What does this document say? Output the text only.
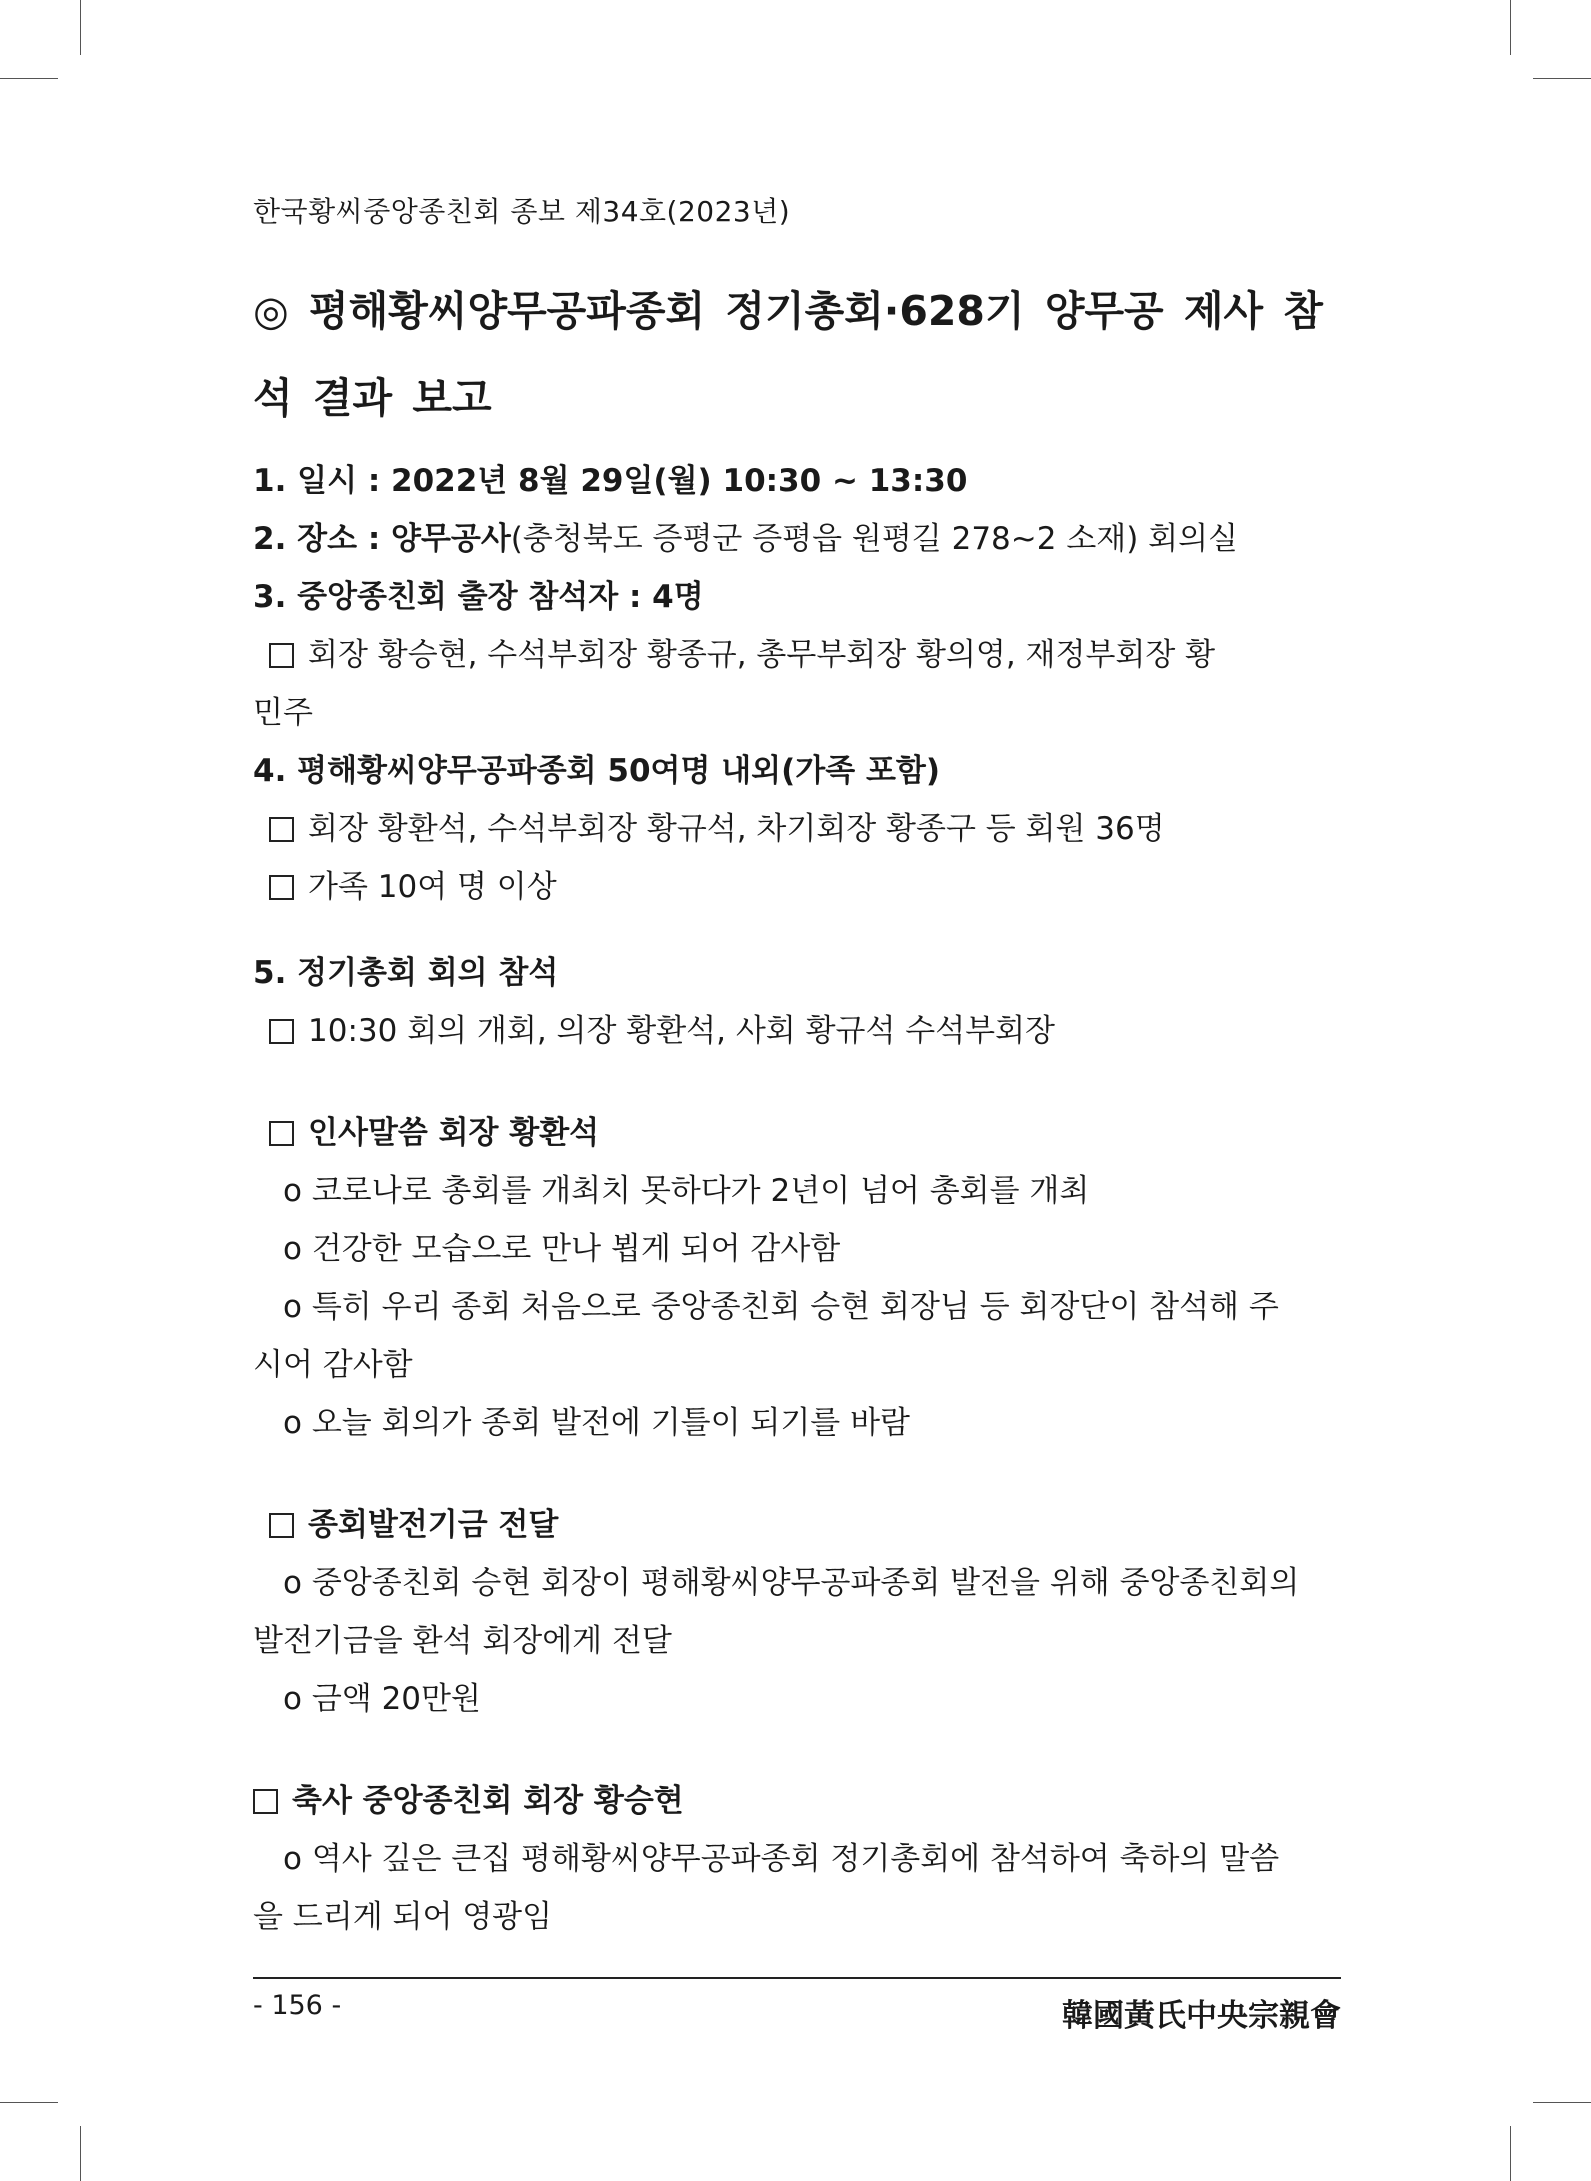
한국황씨중앙종친회 종보 제34호(2023년)
◎ 평해황씨양무공파종회 정기총회·628기 양무공 제사 참석 결과 보고
1. 일시 : 2022년 8월 29일(월) 10:30 ~ 13:30
2. 장소 : 양무공사(충청북도 증평군 증평읍 원평길 278~2 소재) 회의실
3. 중앙종친회 출장 참석자 : 4명
회장 황승현, 수석부회장 황종규, 총무부회장 황의영, 재정부회장 황
민주
4. 평해황씨양무공파종회 50여명 내외(가족 포함)
회장 황환석, 수석부회장 황규석, 차기회장 황종구 등 회원 36명
가족 10여 명 이상
5. 정기총회 회의 참석
10:30 회의 개회, 의장 황환석, 사회 황규석 수석부회장
인사말씀 회장 황환석
o 코로나로 총회를 개최치 못하다가 2년이 넘어 총회를 개최
o 건강한 모습으로 만나 뵙게 되어 감사함
o 특히 우리 종회 처음으로 중앙종친회 승현 회장님 등 회장단이 참석해 주
시어 감사함
o 오늘 회의가 종회 발전에 기틀이 되기를 바람
종회발전기금 전달
o 중앙종친회 승현 회장이 평해황씨양무공파종회 발전을 위해 중앙종친회의
발전기금을 환석 회장에게 전달
o 금액 20만원
축사 중앙종친회 회장 황승현
o 역사 깊은 큰집 평해황씨양무공파종회 정기총회에 참석하여 축하의 말씀
을 드리게 되어 영광임
- 156 -	韓國黃氏中央宗親會
